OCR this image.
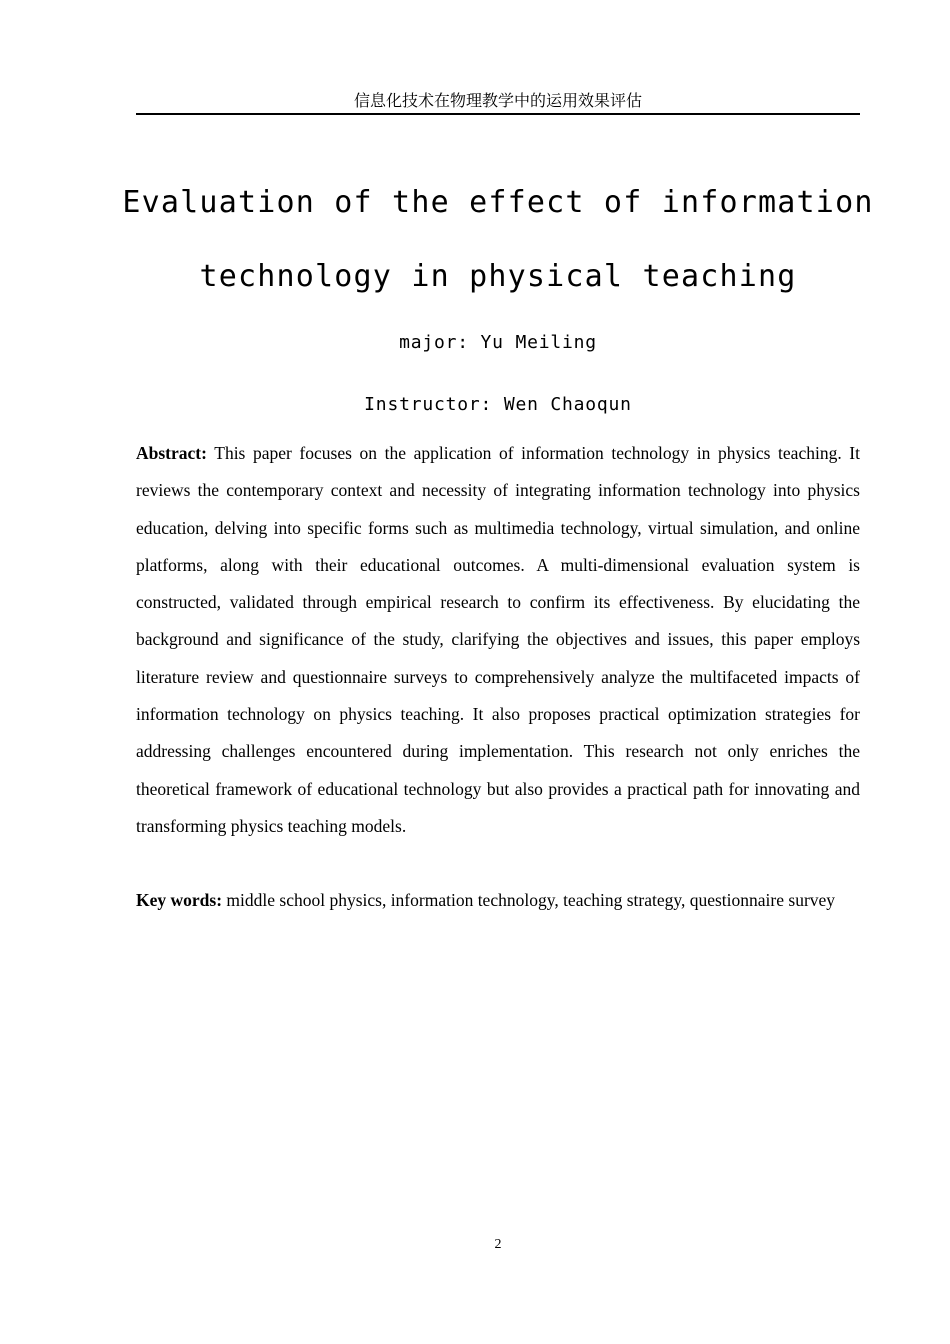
信息化技术在物理教学中的运用效果评估
Evaluation of the effect of information
technology in physical teaching
major: Yu Meiling
Instructor: Wen Chaoqun

Abstract: This paper focuses on the application of information technology in physics teaching. It reviews the contemporary context and necessity of integrating information technology into physics education, delving into specific forms such as multimedia technology, virtual simulation, and online platforms, along with their educational outcomes. A multi-dimensional evaluation system is constructed, validated through empirical research to confirm its effectiveness. By elucidating the background and significance of the study, clarifying the objectives and issues, this paper employs literature review and questionnaire surveys to comprehensively analyze the multifaceted impacts of information technology on physics teaching. It also proposes practical optimization strategies for addressing challenges encountered during implementation. This research not only enriches the theoretical framework of educational technology but also provides a practical path for innovating and transforming physics teaching models.

Key words: middle school physics, information technology, teaching strategy, questionnaire survey

2
